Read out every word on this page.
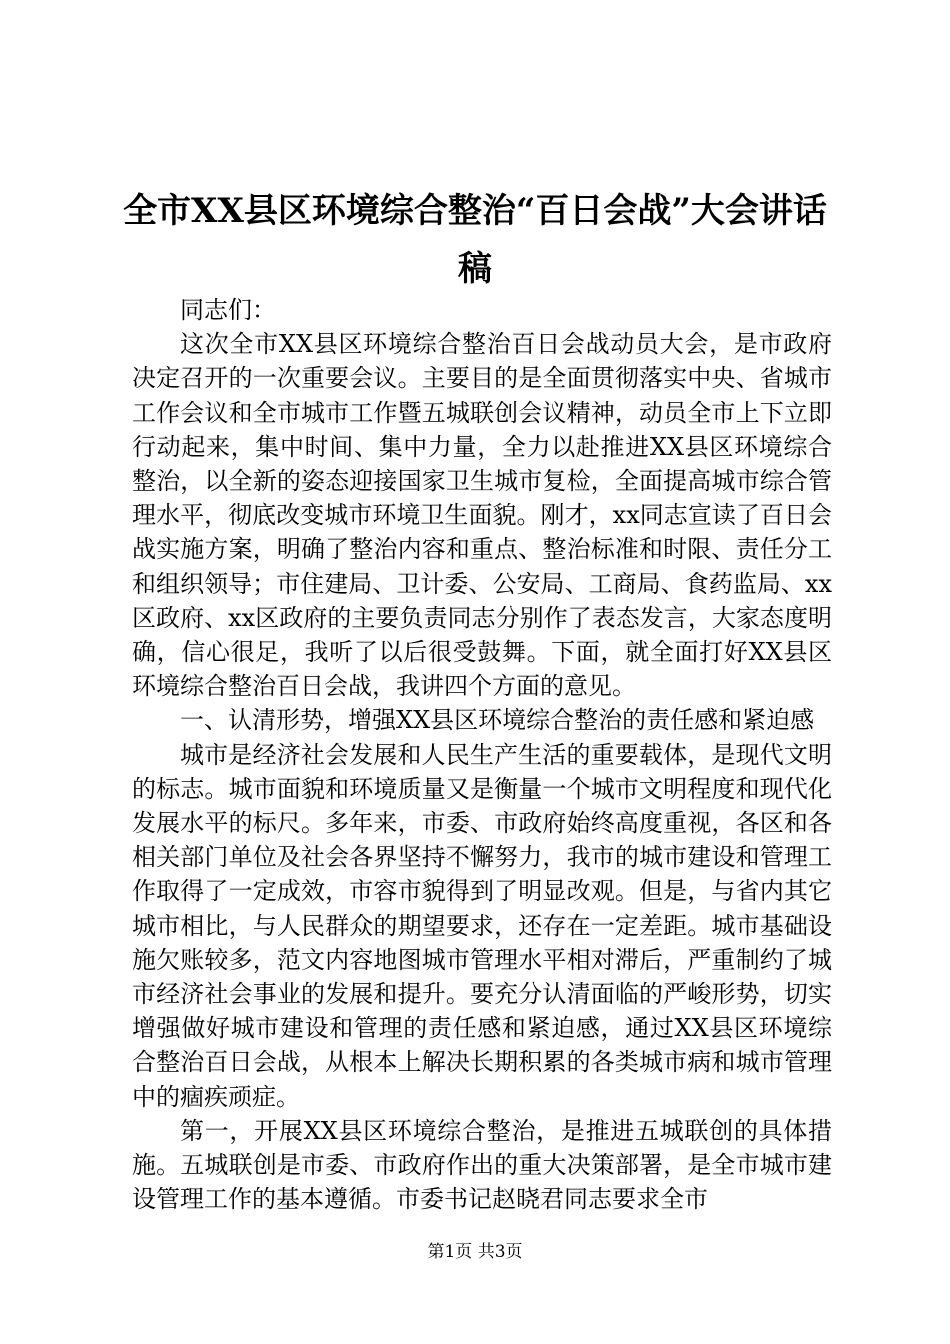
全市XX县区环境综合整治“百日会战”大会讲话稿

同志们：

这次全市XX县区环境综合整治百日会战动员大会，是市政府决定召开的一次重要会议。主要目的是全面贯彻落实中央、省城市工作会议和全市城市工作暨五城联创会议精神，动员全市上下立即行动起来，集中时间、集中力量，全力以赴推进XX县区环境综合整治，以全新的姿态迎接国家卫生城市复检，全面提高城市综合管理水平，彻底改变城市环境卫生面貌。刚才，xx同志宣读了百日会战实施方案，明确了整治内容和重点、整治标准和时限、责任分工和组织领导；市住建局、卫计委、公安局、工商局、食药监局、xx区政府、xx区政府的主要负责同志分别作了表态发言，大家态度明确，信心很足，我听了以后很受鼓舞。下面，就全面打好XX县区环境综合整治百日会战，我讲四个方面的意见。

一、认清形势，增强XX县区环境综合整治的责任感和紧迫感

城市是经济社会发展和人民生产生活的重要载体，是现代文明的标志。城市面貌和环境质量又是衡量一个城市文明程度和现代化发展水平的标尺。多年来，市委、市政府始终高度重视，各区和各相关部门单位及社会各界坚持不懈努力，我市的城市建设和管理工作取得了一定成效，市容市貌得到了明显改观。但是，与省内其它城市相比，与人民群众的期望要求，还存在一定差距。城市基础设施欠账较多，范文内容地图城市管理水平相对滞后，严重制约了城市经济社会事业的发展和提升。要充分认清面临的严峻形势，切实增强做好城市建设和管理的责任感和紧迫感，通过XX县区环境综合整治百日会战，从根本上解决长期积累的各类城市病和城市管理中的痼疾顽症。

第一，开展XX县区环境综合整治，是推进五城联创的具体措施。五城联创是市委、市政府作出的重大决策部署，是全市城市建设管理工作的基本遵循。市委书记赵晓君同志要求全市

第1页 共3页
